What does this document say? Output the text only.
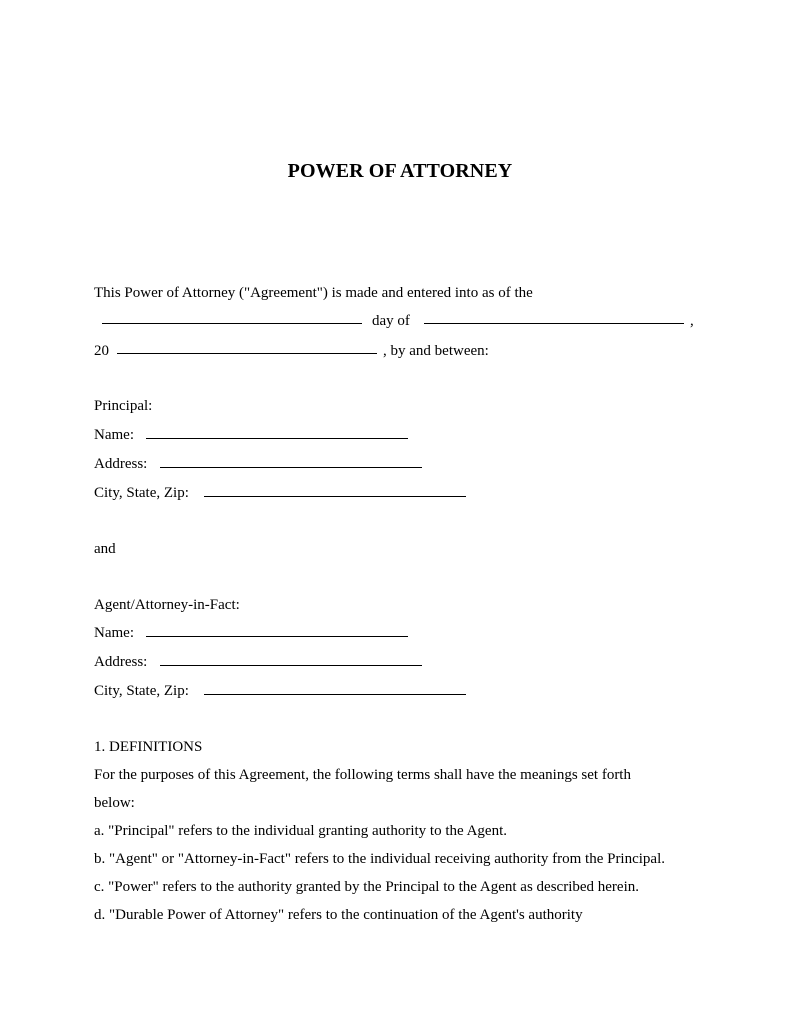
POWER OF ATTORNEY
This Power of Attorney ("Agreement") is made and entered into as of the
day of	,
20	, by and between:
Principal:
Name:
Address:
City, State, Zip:
and
Agent/Attorney-in-Fact:
Name:
Address:
City, State, Zip:
1. DEFINITIONS
For the purposes of this Agreement, the following terms shall have the meanings set forth
below:
a. "Principal" refers to the individual granting authority to the Agent.
b. "Agent" or "Attorney-in-Fact" refers to the individual receiving authority from the Principal.
c. "Power" refers to the authority granted by the Principal to the Agent as described herein.
d. "Durable Power of Attorney" refers to the continuation of the Agent's authority
